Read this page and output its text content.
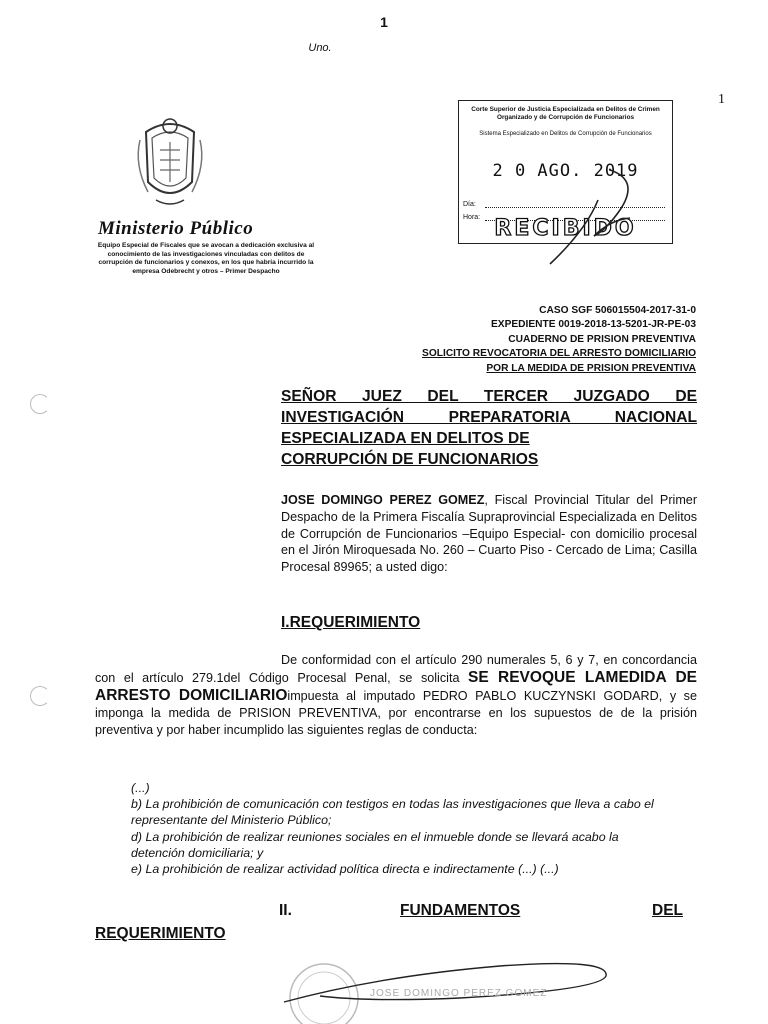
1
Uno.
1
Ministerio Público
Equipo Especial de Fiscales que se avocan a dedicación exclusiva al conocimiento de las investigaciones vinculadas con delitos de corrupción de funcionarios y conexos, en los que habría incurrido la empresa Odebrecht y otros – Primer Despacho
Corte Superior de Justicia Especializada en Delitos de Crimen Organizado y de Corrupción de Funcionarios
Sistema Especializado en Delitos de Corrupción de Funcionarios
2 0 AGO. 2019
Día:
Hora: RECIBIDO
CASO SGF 506015504-2017-31-0
EXPEDIENTE 0019-2018-13-5201-JR-PE-03
CUADERNO DE PRISION PREVENTIVA
SOLICITO REVOCATORIA DEL ARRESTO DOMICILIARIO
POR LA MEDIDA DE PRISION PREVENTIVA
SEÑOR JUEZ DEL TERCER JUZGADO DE INVESTIGACIÓN PREPARATORIA NACIONAL ESPECIALIZADA EN DELITOS DE
CORRUPCIÓN DE FUNCIONARIOS
JOSE DOMINGO PEREZ GOMEZ, Fiscal Provincial Titular del Primer Despacho de la Primera Fiscalía Supraprovincial Especializada en Delitos de Corrupción de Funcionarios –Equipo Especial- con domicilio procesal en el Jirón Miroquesada No. 260 – Cuarto Piso - Cercado de Lima; Casilla Procesal 89965; a usted digo:
I.REQUERIMIENTO
De conformidad con el artículo 290 numerales 5, 6 y 7, en concordancia con el artículo 279.1del Código Procesal Penal, se solicita SE REVOQUE LAMEDIDA DE ARRESTO DOMICILIARIOimpuesta al imputado PEDRO PABLO KUCZYNSKI GODARD, y se imponga la medida de PRISION PREVENTIVA, por encontrarse en los supuestos de de la prisión preventiva y por haber incumplido las siguientes reglas de conducta:
(...)
b) La prohibición de comunicación con testigos en todas las investigaciones que lleva a cabo el representante del Ministerio Público;
d) La prohibición de realizar reuniones sociales en el inmueble donde se llevará acabo la detención domiciliaria; y
e) La prohibición de realizar actividad política directa e indirectamente (...) (...)
II.	FUNDAMENTOS	DEL
REQUERIMIENTO
JOSE DOMINGO PEREZ GOMEZ
